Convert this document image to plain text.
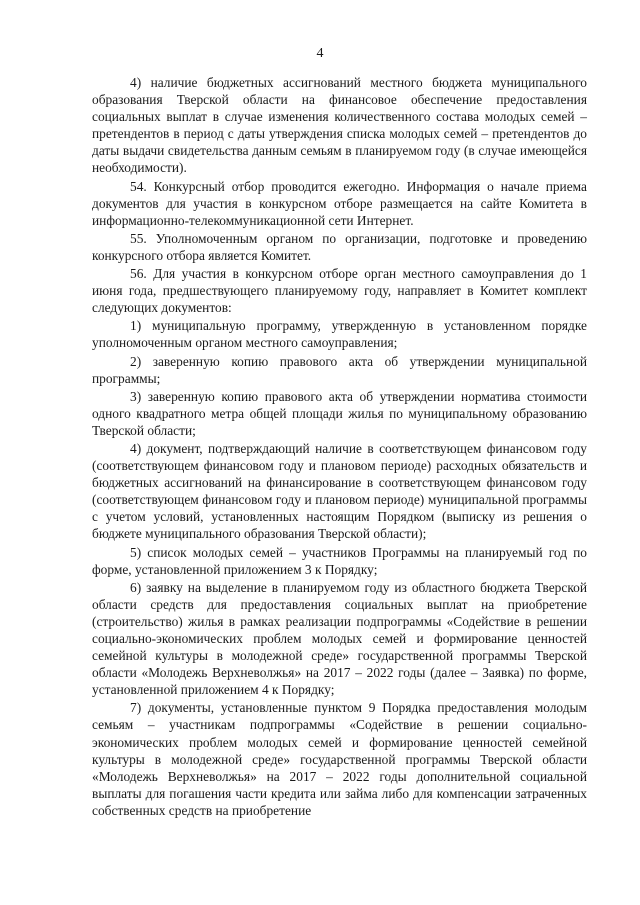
4

4) наличие бюджетных ассигнований местного бюджета муниципального образования Тверской области на финансовое обеспечение предоставления социальных выплат в случае изменения количественного состава молодых семей – претендентов в период с даты утверждения списка молодых семей – претендентов до даты выдачи свидетельства данным семьям в планируемом году (в случае имеющейся необходимости).

54. Конкурсный отбор проводится ежегодно. Информация о начале приема документов для участия в конкурсном отборе размещается на сайте Комитета в информационно-телекоммуникационной сети Интернет.

55. Уполномоченным органом по организации, подготовке и проведению конкурсного отбора является Комитет.

56. Для участия в конкурсном отборе орган местного самоуправления до 1 июня года, предшествующего планируемому году, направляет в Комитет комплект следующих документов:

1) муниципальную программу, утвержденную в установленном порядке уполномоченным органом местного самоуправления;

2) заверенную копию правового акта об утверждении муниципальной программы;

3) заверенную копию правового акта об утверждении норматива стоимости одного квадратного метра общей площади жилья по муниципальному образованию Тверской области;

4) документ, подтверждающий наличие в соответствующем финансовом году (соответствующем финансовом году и плановом периоде) расходных обязательств и бюджетных ассигнований на финансирование в соответствующем финансовом году (соответствующем финансовом году и плановом периоде) муниципальной программы с учетом условий, установленных настоящим Порядком (выписку из решения о бюджете муниципального образования Тверской области);

5) список молодых семей – участников Программы на планируемый год по форме, установленной приложением 3 к Порядку;

6) заявку на выделение в планируемом году из областного бюджета Тверской области средств для предоставления социальных выплат на приобретение (строительство) жилья в рамках реализации подпрограммы «Содействие в решении социально-экономических проблем молодых семей и формирование ценностей семейной культуры в молодежной среде» государственной программы Тверской области «Молодежь Верхневолжья» на 2017 – 2022 годы (далее – Заявка) по форме, установленной приложением 4 к Порядку;

7) документы, установленные пунктом 9 Порядка предоставления молодым семьям – участникам подпрограммы «Содействие в решении социально-экономических проблем молодых семей и формирование ценностей семейной культуры в молодежной среде» государственной программы Тверской области «Молодежь Верхневолжья» на 2017 – 2022 годы дополнительной социальной выплаты для погашения части кредита или займа либо для компенсации затраченных собственных средств на приобретение
